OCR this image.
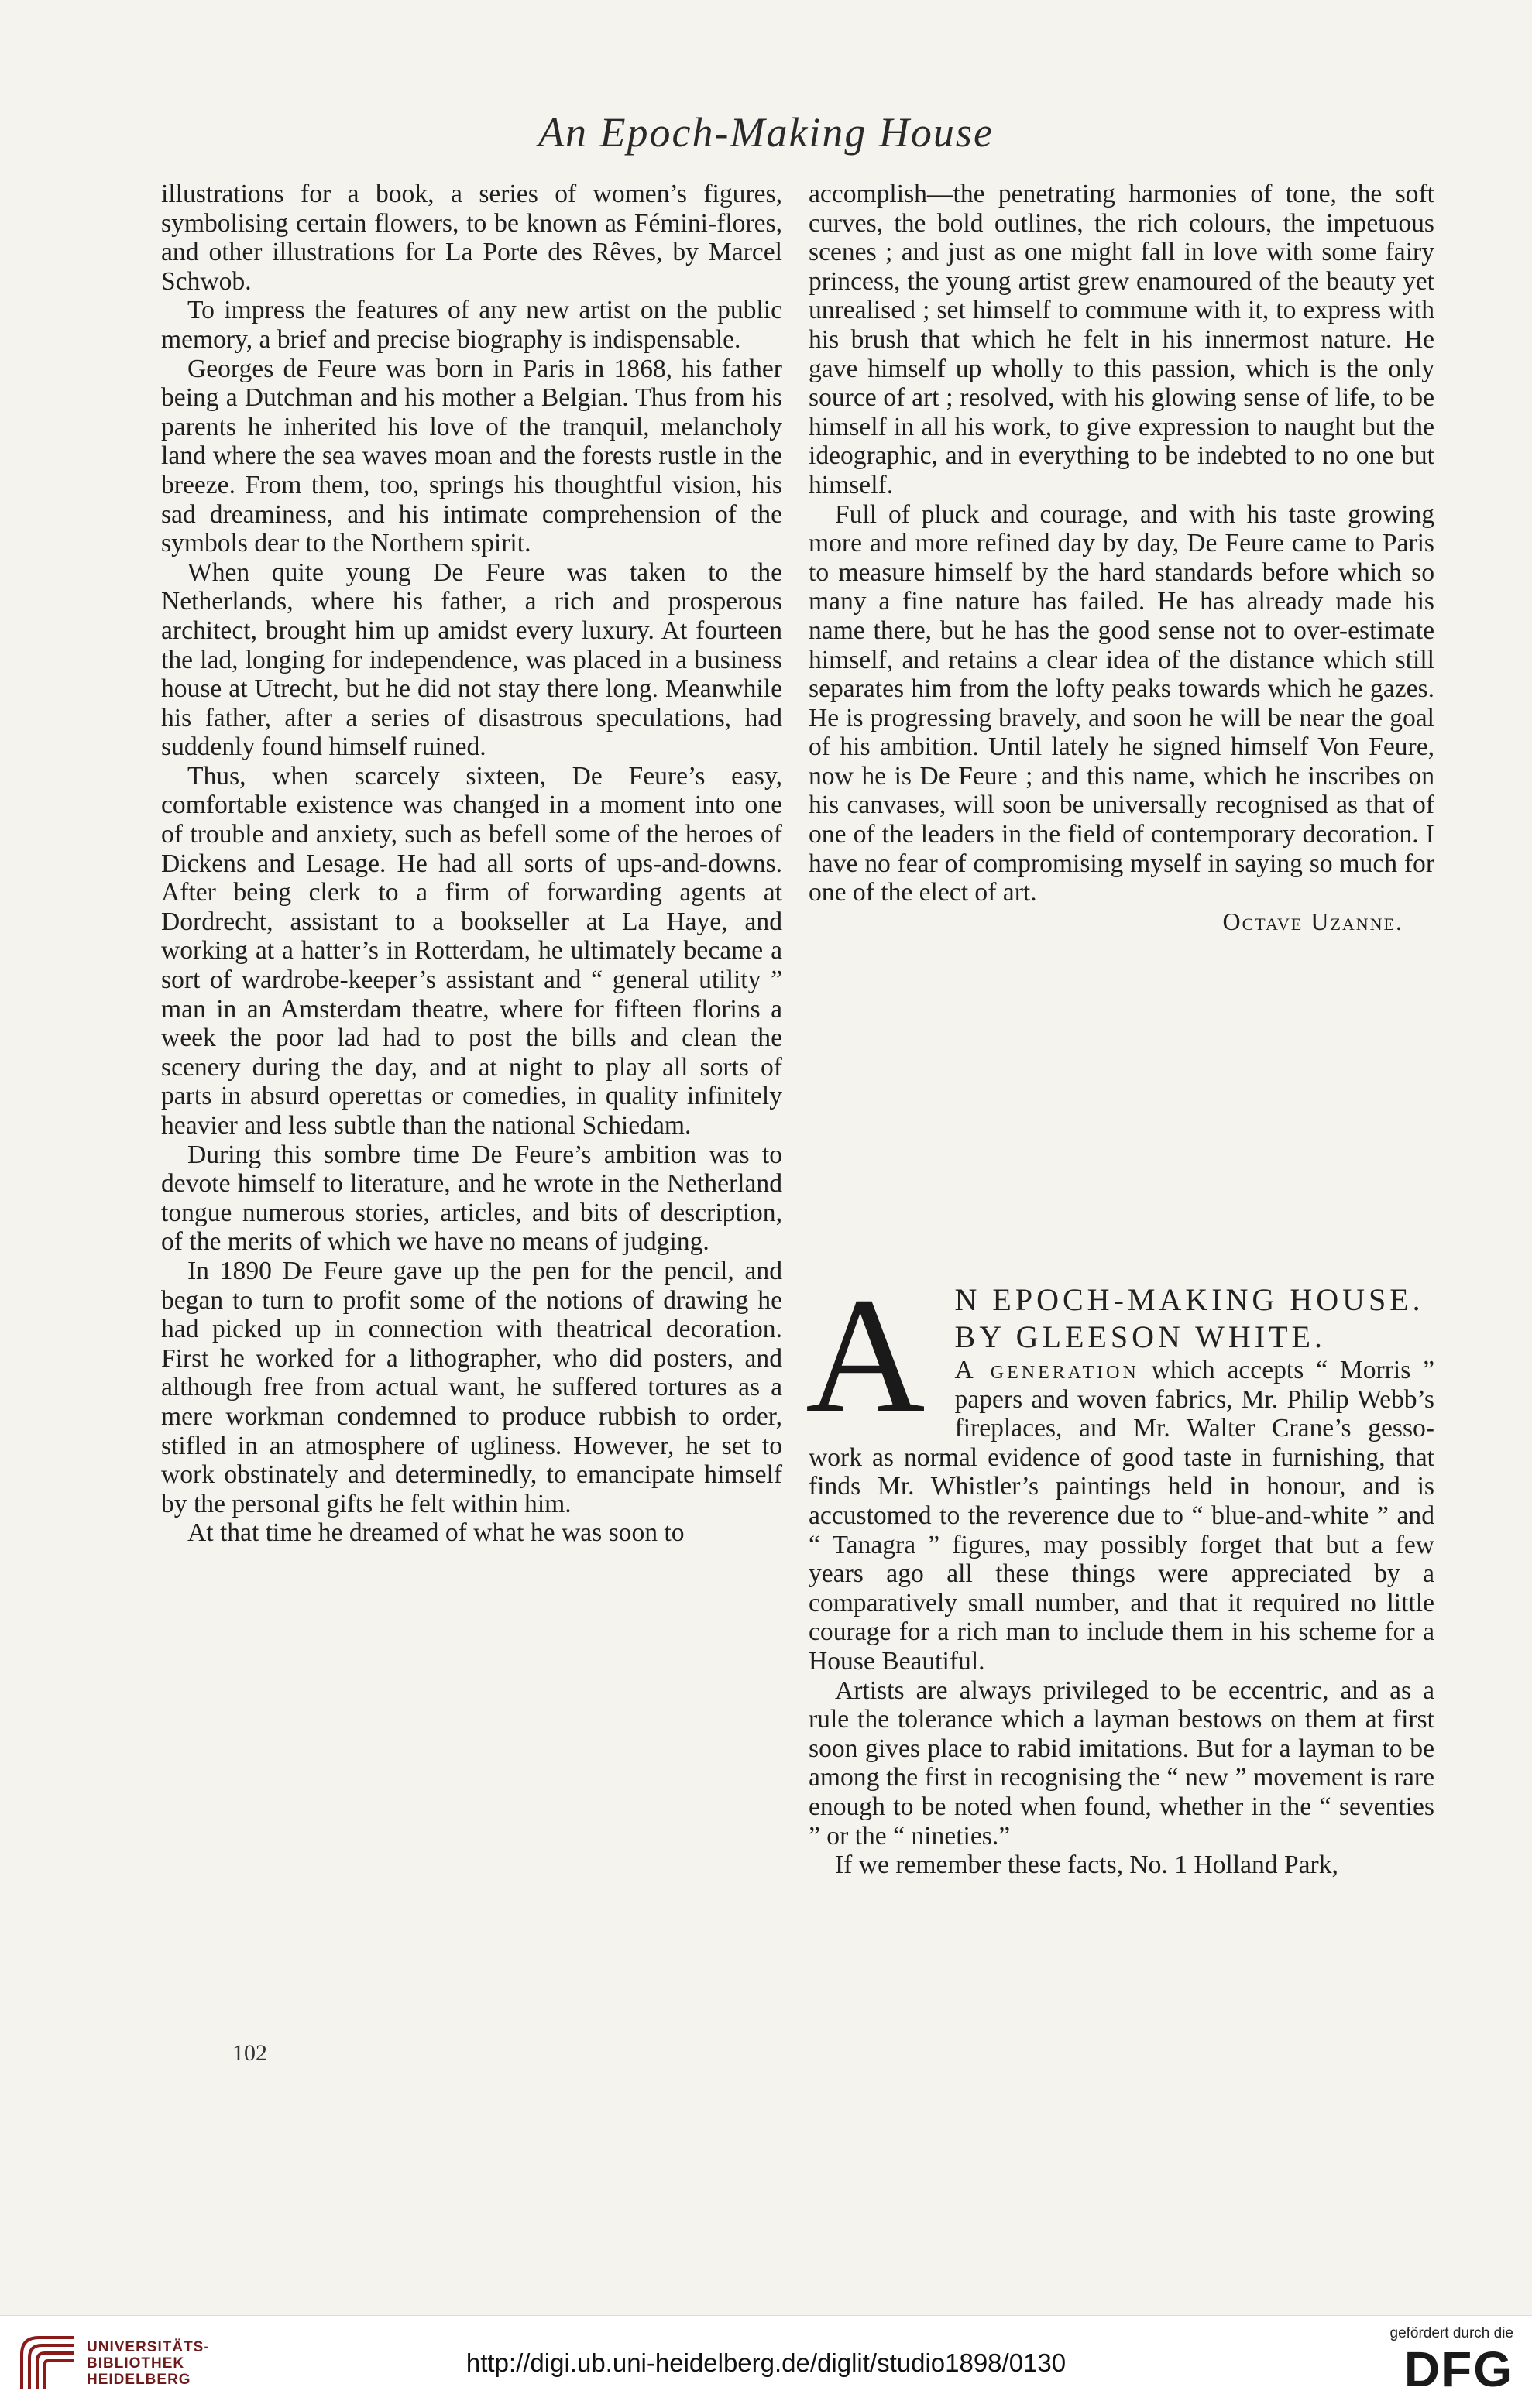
An Epoch-Making House

illustrations for a book, a series of women’s figures, symbolising certain flowers, to be known as Fémini-flores, and other illustrations for La Porte des Rêves, by Marcel Schwob.

To impress the features of any new artist on the public memory, a brief and precise biography is indispensable.

Georges de Feure was born in Paris in 1868, his father being a Dutchman and his mother a Belgian. Thus from his parents he inherited his love of the tranquil, melancholy land where the sea waves moan and the forests rustle in the breeze. From them, too, springs his thoughtful vision, his sad dreaminess, and his intimate comprehension of the symbols dear to the Northern spirit.

When quite young De Feure was taken to the Netherlands, where his father, a rich and prosperous architect, brought him up amidst every luxury. At fourteen the lad, longing for independence, was placed in a business house at Utrecht, but he did not stay there long. Meanwhile his father, after a series of disastrous speculations, had suddenly found himself ruined.

Thus, when scarcely sixteen, De Feure’s easy, comfortable existence was changed in a moment into one of trouble and anxiety, such as befell some of the heroes of Dickens and Lesage. He had all sorts of ups-and-downs. After being clerk to a firm of forwarding agents at Dordrecht, assistant to a bookseller at La Haye, and working at a hatter’s in Rotterdam, he ultimately became a sort of wardrobe-keeper’s assistant and “ general utility ” man in an Amsterdam theatre, where for fifteen florins a week the poor lad had to post the bills and clean the scenery during the day, and at night to play all sorts of parts in absurd operettas or comedies, in quality infinitely heavier and less subtle than the national Schiedam.

During this sombre time De Feure’s ambition was to devote himself to literature, and he wrote in the Netherland tongue numerous stories, articles, and bits of description, of the merits of which we have no means of judging.

In 1890 De Feure gave up the pen for the pencil, and began to turn to profit some of the notions of drawing he had picked up in connection with theatrical decoration. First he worked for a lithographer, who did posters, and although free from actual want, he suffered tortures as a mere workman condemned to produce rubbish to order, stifled in an atmosphere of ugliness. However, he set to work obstinately and determinedly, to emancipate himself by the personal gifts he felt within him.

At that time he dreamed of what he was soon to

accomplish—the penetrating harmonies of tone, the soft curves, the bold outlines, the rich colours, the impetuous scenes ; and just as one might fall in love with some fairy princess, the young artist grew enamoured of the beauty yet unrealised ; set himself to commune with it, to express with his brush that which he felt in his innermost nature. He gave himself up wholly to this passion, which is the only source of art ; resolved, with his glowing sense of life, to be himself in all his work, to give expression to naught but the ideographic, and in everything to be indebted to no one but himself.

Full of pluck and courage, and with his taste growing more and more refined day by day, De Feure came to Paris to measure himself by the hard standards before which so many a fine nature has failed. He has already made his name there, but he has the good sense not to over-estimate himself, and retains a clear idea of the distance which still separates him from the lofty peaks towards which he gazes. He is progressing bravely, and soon he will be near the goal of his ambition. Until lately he signed himself Von Feure, now he is De Feure ; and this name, which he inscribes on his canvases, will soon be universally recognised as that of one of the leaders in the field of contemporary decoration. I have no fear of compromising myself in saying so much for one of the elect of art.

Octave Uzanne.

A N EPOCH-MAKING HOUSE.
BY GLEESON WHITE.

A generation which accepts “ Morris ” papers and woven fabrics, Mr. Philip Webb’s fireplaces, and Mr. Walter Crane’s gesso-work as normal evidence of good taste in furnishing, that finds Mr. Whistler’s paintings held in honour, and is accustomed to the reverence due to “ blue-and-white ” and “ Tanagra ” figures, may possibly forget that but a few years ago all these things were appreciated by a comparatively small number, and that it required no little courage for a rich man to include them in his scheme for a House Beautiful.

Artists are always privileged to be eccentric, and as a rule the tolerance which a layman bestows on them at first soon gives place to rabid imitations. But for a layman to be among the first in recognising the “ new ” movement is rare enough to be noted when found, whether in the “ seventies ” or the “ nineties.”

If we remember these facts, No. 1 Holland Park,

102
UNIVERSITÄTS-
BIBLIOTHEK
HEIDELBERG
http://digi.ub.uni-heidelberg.de/diglit/studio1898/0130
gefördert durch die
DFG
